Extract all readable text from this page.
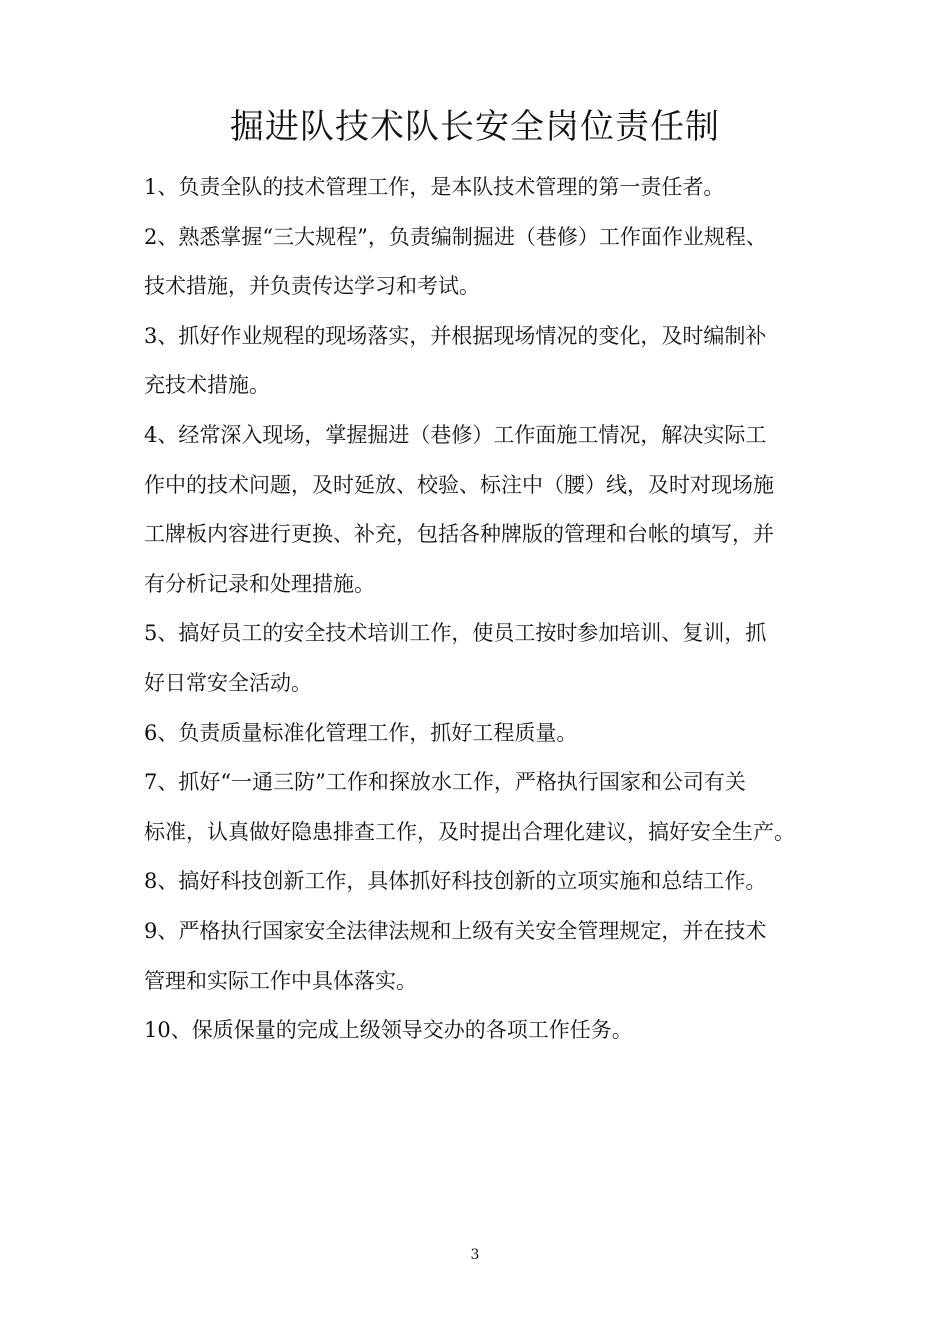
掘进队技术队长安全岗位责任制
1、负责全队的技术管理工作，是本队技术管理的第一责任者。
2、熟悉掌握“三大规程”，负责编制掘进（巷修）工作面作业规程、
技术措施，并负责传达学习和考试。
3、抓好作业规程的现场落实，并根据现场情况的变化，及时编制补
充技术措施。
4、经常深入现场，掌握掘进（巷修）工作面施工情况，解决实际工
作中的技术问题，及时延放、校验、标注中（腰）线，及时对现场施
工牌板内容进行更换、补充，包括各种牌版的管理和台帐的填写，并
有分析记录和处理措施。
5、搞好员工的安全技术培训工作，使员工按时参加培训、复训，抓
好日常安全活动。
6、负责质量标准化管理工作，抓好工程质量。
7、抓好“一通三防”工作和探放水工作，严格执行国家和公司有关
标准，认真做好隐患排查工作，及时提出合理化建议，搞好安全生产。
8、搞好科技创新工作，具体抓好科技创新的立项实施和总结工作。
9、严格执行国家安全法律法规和上级有关安全管理规定，并在技术
管理和实际工作中具体落实。
10、保质保量的完成上级领导交办的各项工作任务。
3
